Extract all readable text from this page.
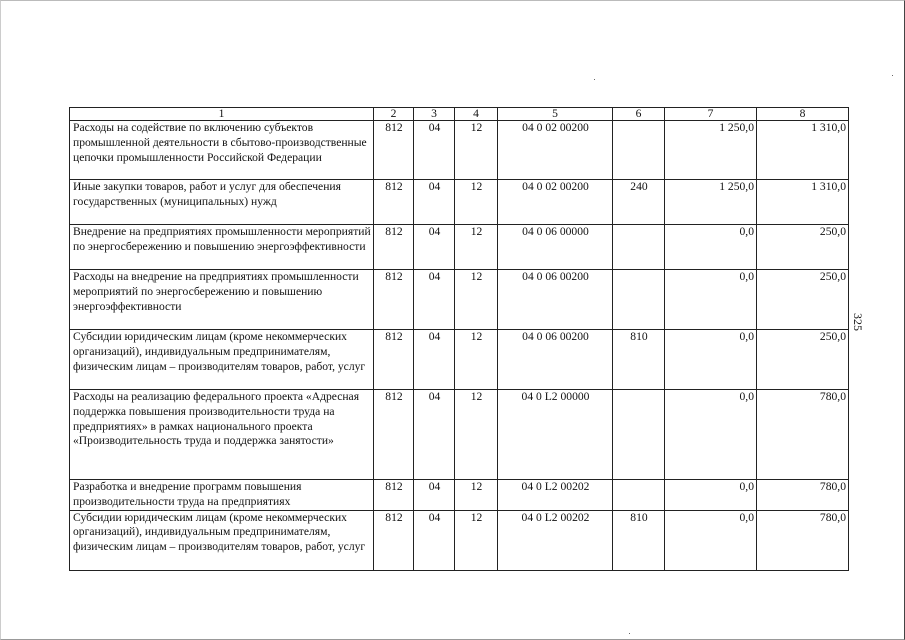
1	2	3	4	5	6	7	8
Расходы на содействие по включению субъектов промышленной деятельности в сбытово-производственные цепочки промышленности Российской Федерации	812	04	12	04 0 02 00200		1 250,0	1 310,0
Иные закупки товаров, работ и услуг для обеспечения государственных (муниципальных) нужд	812	04	12	04 0 02 00200	240	1 250,0	1 310,0
Внедрение на предприятиях промышленности мероприятий по энергосбережению и повышению энергоэффективности	812	04	12	04 0 06 00000		0,0	250,0
Расходы на внедрение на предприятиях промышленности мероприятий по энергосбережению и повышению энергоэффективности	812	04	12	04 0 06 00200		0,0	250,0
Субсидии юридическим лицам (кроме некоммерческих организаций), индивидуальным предпринимателям, физическим лицам – производителям товаров, работ, услуг	812	04	12	04 0 06 00200	810	0,0	250,0
Расходы на реализацию федерального проекта «Адресная поддержка повышения производительности труда на предприятиях» в рамках национального проекта «Производительность труда и поддержка занятости»	812	04	12	04 0 L2 00000		0,0	780,0
Разработка и внедрение программ повышения производительности труда на предприятиях	812	04	12	04 0 L2 00202		0,0	780,0
Субсидии юридическим лицам (кроме некоммерческих организаций), индивидуальным предпринимателям, физическим лицам – производителям товаров, работ, услуг	812	04	12	04 0 L2 00202	810	0,0	780,0
325
